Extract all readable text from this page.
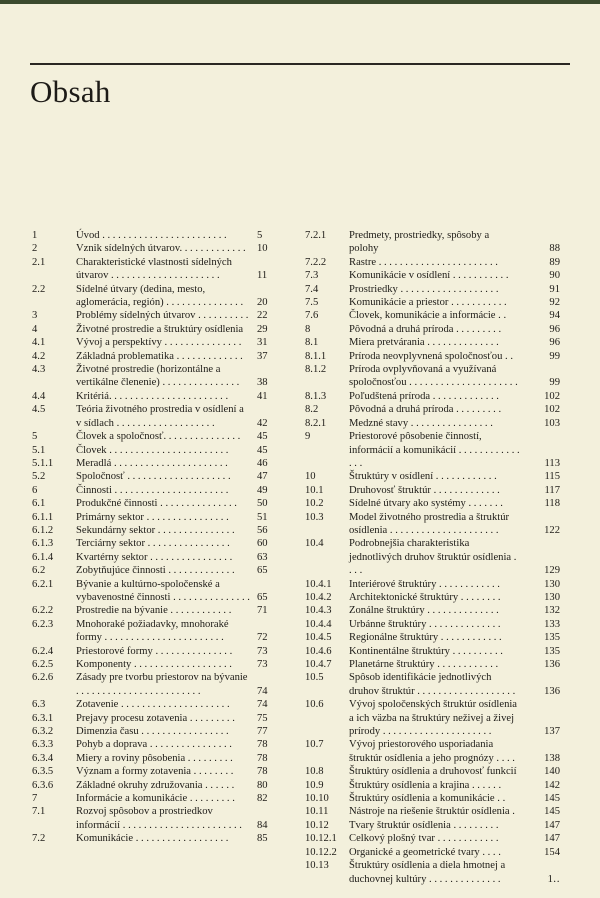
Obsah
1	Úvod . . . . . . . . . . . . . . . . . . . . . . . .	5
2	Vznik sídelných útvarov. . . . . . . . . . . . .	10
2.1	Charakteristické vlastnosti sídelných útvarov . . . . . . . . . . . . . . . . . . . . .	11
2.2	Sídelné útvary (dedina, mesto, aglomerácia, región) . . . . . . . . . . . . . . .	20
3	Problémy sídelných útvarov . . . . . . . . . . 22
4	Životné prostredie a štruktúry osídlenia	29
4.1	Vývoj a perspektívy . . . . . . . . . . . . . . .	31
4.2	Základná problematika . . . . . . . . . . . . .	37
4.3	Životné prostredie (horizontálne a vertikálne členenie) . . . . . . . . . . . . . . .	38
4.4	Kritériá. . . . . . . . . . . . . . . . . . . . . . .	41
4.5	Teória životného prostredia v osídlení a v sídlach . . . . . . . . . . . . . . . . . . .	42
5	Človek a spoločnosť. . . . . . . . . . . . . . .	45
5.1	Človek . . . . . . . . . . . . . . . . . . . . . . .	45
5.1.1 Meradlá . . . . . . . . . . . . . . . . . . . . . .	46
5.2	Spoločnosť . . . . . . . . . . . . . . . . . . . .	47
6	Činnosti . . . . . . . . . . . . . . . . . . . . . .	49
6.1	Produkčné činnosti . . . . . . . . . . . . . . .	50
6.1.1 Primárny sektor . . . . . . . . . . . . . . . .	51
6.1.2 Sekundárny sektor . . . . . . . . . . . . . . .	56
6.1.3 Terciárny sektor . . . . . . . . . . . . . . . .	60
6.1.4 Kvartérny sektor . . . . . . . . . . . . . . . .	63
6.2	Zobytňujúce činnosti . . . . . . . . . . . . .	65
6.2.1 Bývanie a kultúrno-spoločenské a vybavenostné činnosti . . . . . . . . . . . . . . . 65
6.2.2 Prostredie na bývanie . . . . . . . . . . . .	71
6.2.3 Mnohoraké požiadavky, mnohoraké formy . . . . . . . . . . . . . . . . . . . . . . .	72
6.2.4 Priestorové formy . . . . . . . . . . . . . . .	73
6.2.5 Komponenty . . . . . . . . . . . . . . . . . . .	73
6.2.6 Zásady pre tvorbu priestorov na bývanie . . . . . . . . . . . . . . . . . . . . . . . .	74
6.3	Zotavenie . . . . . . . . . . . . . . . . . . . . .	74
6.3.1 Prejavy procesu zotavenia . . . . . . . . .	75
6.3.2 Dimenzia času . . . . . . . . . . . . . . . . .	77
6.3.3 Pohyb a doprava . . . . . . . . . . . . . . . .	78
6.3.4 Miery a roviny pôsobenia . . . . . . . . .	78
6.3.5 Význam a formy zotavenia . . . . . . . .	78
6.3.6 Základné okruhy združovania . . . . . .	80
7	Informácie a komunikácie . . . . . . . . .	82
7.1	Rozvoj spôsobov a prostriedkov informácií . . . . . . . . . . . . . . . . . . . . . . .	84
7.2	Komunikácie . . . . . . . . . . . . . . . . . .	85
7.2.1 Predmety, prostriedky, spôsoby a polohy	88
7.2.2 Rastre . . . . . . . . . . . . . . . . . . . . . . .	89
7.3	Komunikácie v osídlení . . . . . . . . . . .	90
7.4	Prostriedky . . . . . . . . . . . . . . . . . . .	91
7.5	Komunikácie a priestor . . . . . . . . . . .	92
7.6	Človek, komunikácie a informácie . .	94
8	Pôvodná a druhá príroda . . . . . . . . .	96
8.1	Miera pretvárania . . . . . . . . . . . . . .	96
8.1.1 Príroda neovplyvnená spoločnosťou . .	99
8.1.2 Príroda ovplyvňovaná a využívaná spoločnosťou . . . . . . . . . . . . . . . . . . . . .	99
8.1.3 Poľudštená príroda . . . . . . . . . . . . .	102
8.2	Pôvodná a druhá príroda . . . . . . . . .	102
8.2.1 Medzné stavy . . . . . . . . . . . . . . . .	103
9	Priestorové pôsobenie činností, informácií a komunikácií . . . . . . . . . . . . . . .	113
10	Štruktúry v osídlení . . . . . . . . . . . .	115
10.1 Druhovosť štruktúr . . . . . . . . . . . . .	117
10.2 Sídelné útvary ako systémy . . . . . . .	118
10.3 Model životného prostredia a štruktúr osídlenia . . . . . . . . . . . . . . . . . . . . .	122
10.4 Podrobnejšia charakteristika jednotlivých druhov štruktúr osídlenia . . . .	129
10.4.1 Interiérové štruktúry . . . . . . . . . . . .	130
10.4.2 Architektonické štruktúry . . . . . . . .	130
10.4.3 Zonálne štruktúry . . . . . . . . . . . . . .	132
10.4.4 Urbánne štruktúry . . . . . . . . . . . . . .	133
10.4.5 Regionálne štruktúry . . . . . . . . . . . .	135
10.4.6 Kontinentálne štruktúry . . . . . . . . . .	135
10.4.7 Planetárne štruktúry . . . . . . . . . . . .	136
10.5 Spôsob identifikácie jednotlivých druhov štruktúr . . . . . . . . . . . . . . . . . . .	136
10.6 Vývoj spoločenských štruktúr osídlenia a ich väzba na štruktúry neživej a živej prírody . . . . . . . . . . . . . . . . . . . . .	137
10.7 Vývoj priestorového usporiadania štruktúr osídlenia a jeho prognózy . . . .	138
10.8 Štruktúry osídlenia a druhovosť funkcií	140
10.9 Štruktúry osídlenia a krajina . . . . . .	142
10.10 Štruktúry osídlenia a komunikácie . .	145
10.11 Nástroje na riešenie štruktúr osídlenia .	145
10.12 Tvary štruktúr osídlenia . . . . . . . . .	147
10.12.1 Celkový plošný tvar . . . . . . . . . . . .	147
10.12.2 Organické a geometrické tvary . . . .	154
10.13 Štruktúry osídlenia a diela hmotnej a duchovnej kultúry . . . . . . . . . . . . . .	1‥
